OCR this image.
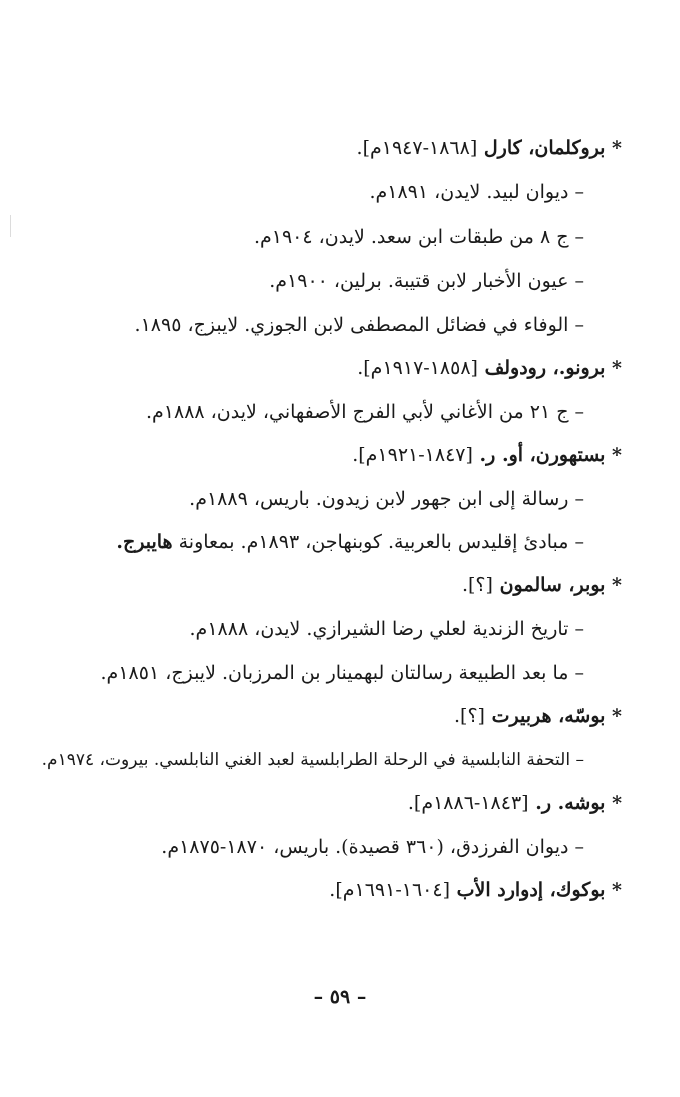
* بروكلمان، كارل [١٨٦٨-١٩٤٧م].
– ديوان لبيد. لايدن، ١٨٩١م.
– ج ٨ من طبقات ابن سعد. لايدن، ١٩٠٤م.
– عيون الأخبار لابن قتيبة. برلين، ١٩٠٠م.
– الوفاء في فضائل المصطفى لابن الجوزي. لايبزج، ١٨٩٥.
* برونو.، رودولف [١٨٥٨-١٩١٧م].
– ج ٢١ من الأغاني لأبي الفرج الأصفهاني، لايدن، ١٨٨٨م.
* بستهورن، أو. ر. [١٨٤٧-١٩٢١م].
– رسالة إلى ابن جهور لابن زيدون. باريس، ١٨٨٩م.
– مبادئ إقليدس بالعربية. كوبنهاجن، ١٨٩٣م. بمعاونة هايبرج.
* بوبر، سالمون [؟].
– تاريخ الزندية لعلي رضا الشيرازي. لايدن، ١٨٨٨م.
– ما بعد الطبيعة رسالتان لبهمينار بن المرزبان. لايبزج، ١٨٥١م.
* بوسّه، هربيرت [؟].
– التحفة النابلسية في الرحلة الطرابلسية لعبد الغني النابلسي. بيروت، ١٩٧٤م.
* بوشه. ر. [١٨٤٣-١٨٨٦م].
– ديوان الفرزدق، (٣٦٠ قصيدة). باريس، ١٨٧٠-١٨٧٥م.
* بوكوك، إدوارد الأب [١٦٠٤-١٦٩١م].
– ٥٩ –
